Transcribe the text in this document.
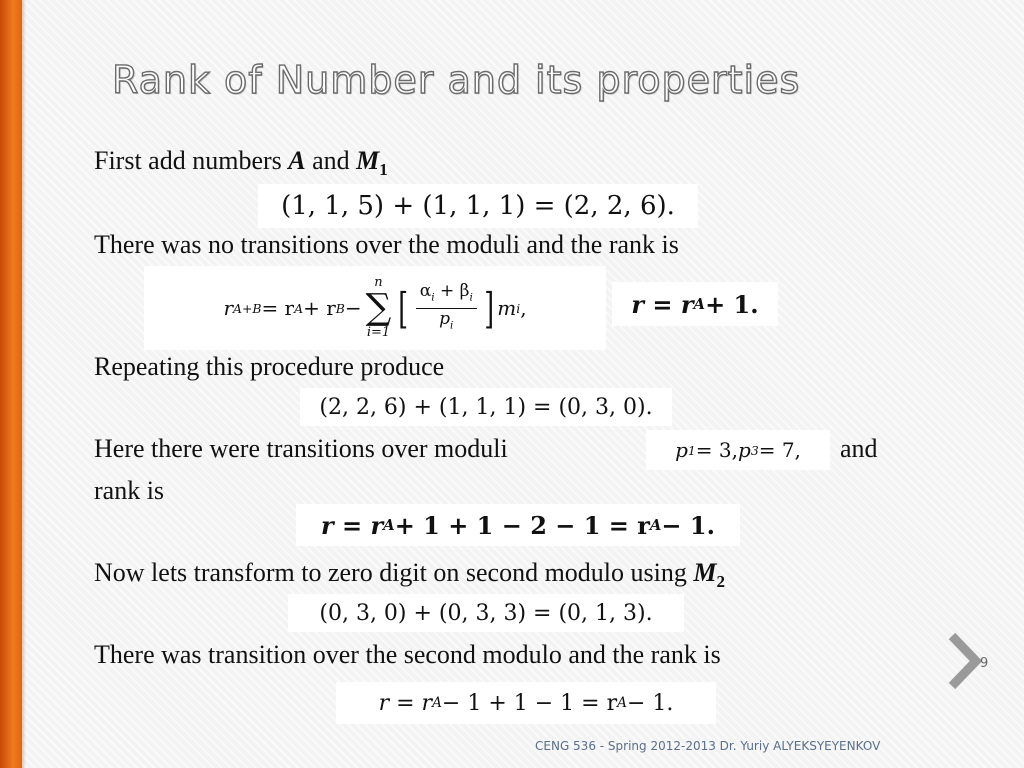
Rank of Number and its properties

First add numbers A and $M_1$

(1, 1, 5) + (1, 1, 1) = (2, 2, 6).

There was no transitions over the moduli and the rank is

r A+B = r A + r B −
n
∑
i=1 [ $\frac{\alpha_i + \beta_i}{p_i}$ ] m i ,	r = r A + 1.

Repeating this procedure produce

(2, 2, 6) + (1, 1, 1) = (0, 3, 0).

Here there were transitions over moduli	p 1 = 3, p 3 = 7, and

rank is

r = r A + 1 + 1 − 2 − 1 = r A − 1.

Now lets transform to zero digit on second modulo using $M_2$

(0, 3, 0) + (0, 3, 3) = (0, 1, 3).

There was transition over the second modulo and the rank is

r = r A − 1 + 1 − 1 = r A − 1.
9
CENG 536 - Spring 2012-2013 Dr. Yuriy ALYEKSYEYENKOV
